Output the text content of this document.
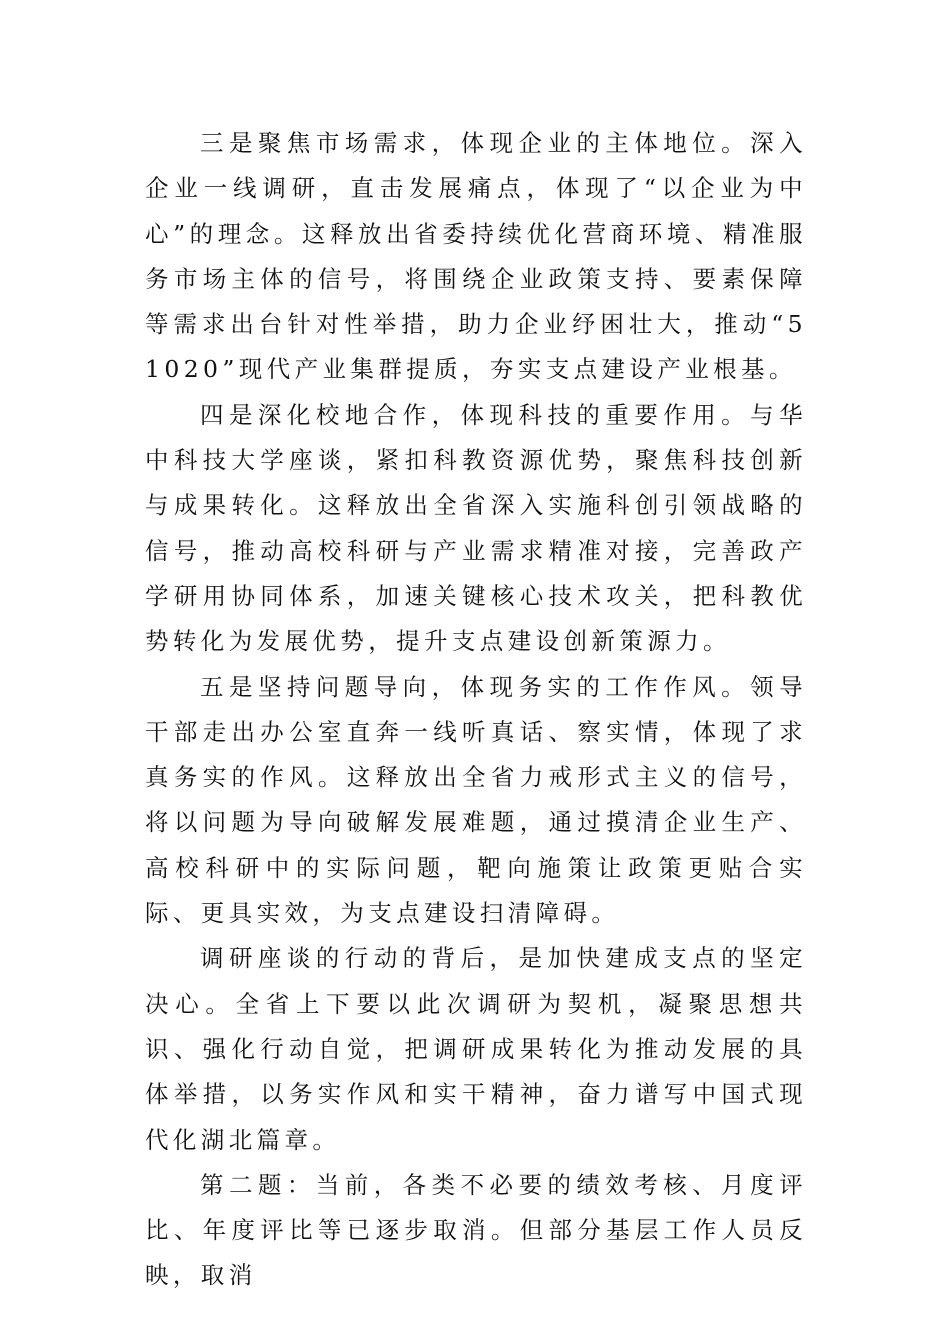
三是聚焦市场需求，体现企业的主体地位。深入企业一线调研，直击发展痛点，体现了“以企业为中心”的理念。这释放出省委持续优化营商环境、精准服务市场主体的信号，将围绕企业政策支持、要素保障等需求出台针对性举措，助力企业纾困壮大，推动“51020”现代产业集群提质，夯实支点建设产业根基。

四是深化校地合作，体现科技的重要作用。与华中科技大学座谈，紧扣科教资源优势，聚焦科技创新与成果转化。这释放出全省深入实施科创引领战略的信号，推动高校科研与产业需求精准对接，完善政产学研用协同体系，加速关键核心技术攻关，把科教优势转化为发展优势，提升支点建设创新策源力。

五是坚持问题导向，体现务实的工作作风。领导干部走出办公室直奔一线听真话、察实情，体现了求真务实的作风。这释放出全省力戒形式主义的信号，将以问题为导向破解发展难题，通过摸清企业生产、高校科研中的实际问题，靶向施策让政策更贴合实际、更具实效，为支点建设扫清障碍。

调研座谈的行动的背后，是加快建成支点的坚定决心。全省上下要以此次调研为契机，凝聚思想共识、强化行动自觉，把调研成果转化为推动发展的具体举措，以务实作风和实干精神，奋力谱写中国式现代化湖北篇章。

第二题：当前，各类不必要的绩效考核、月度评比、年度评比等已逐步取消。但部分基层工作人员反映，取消
